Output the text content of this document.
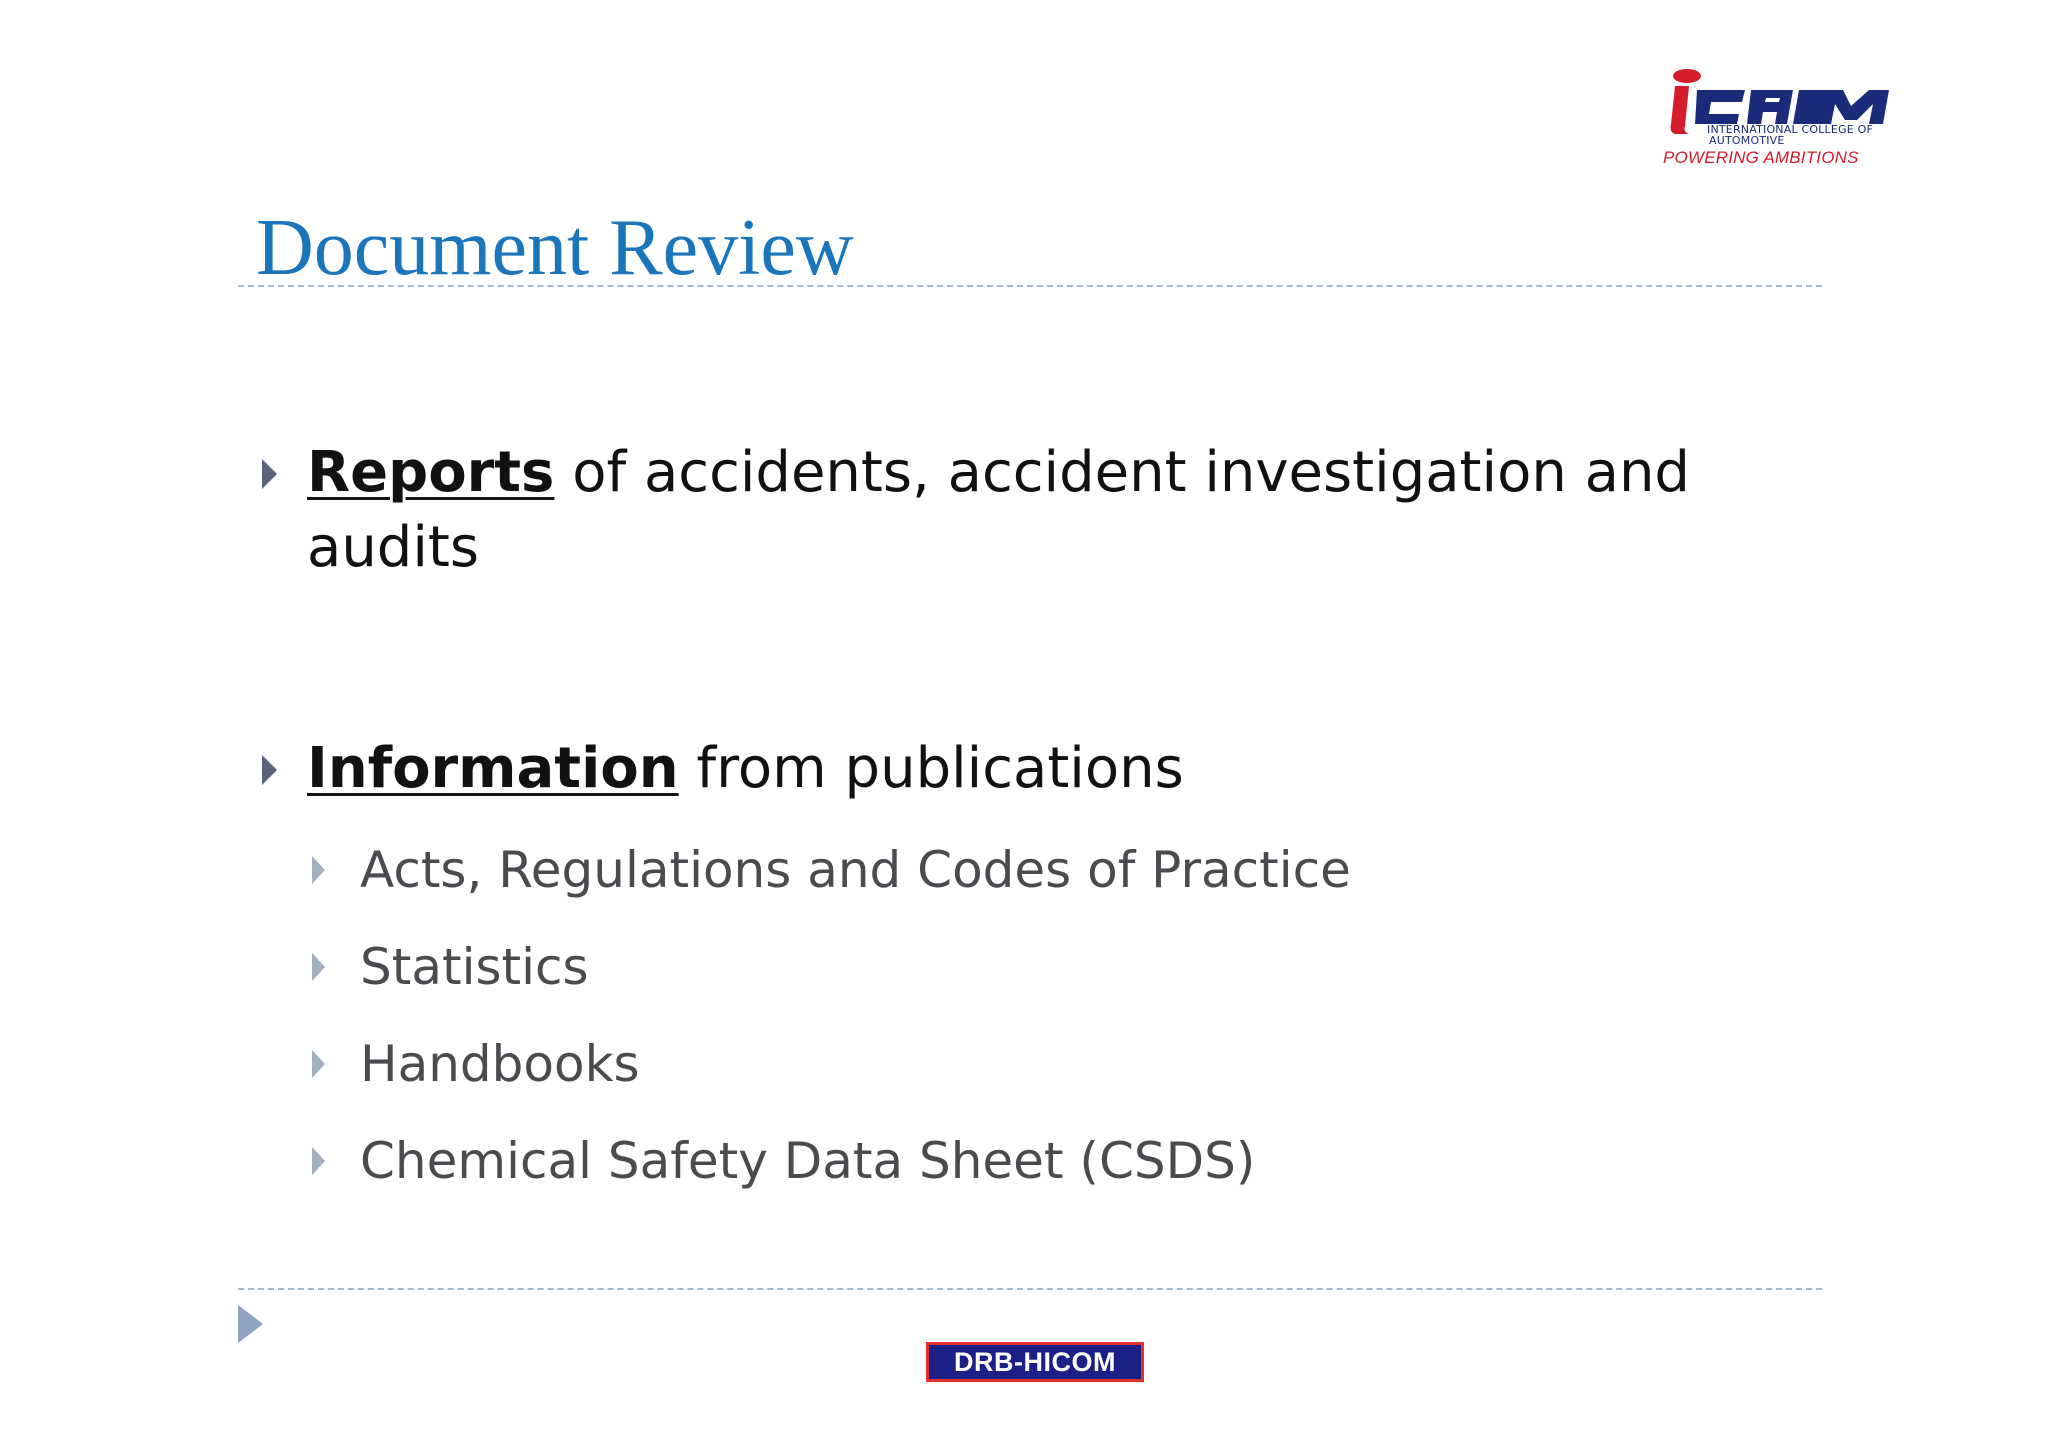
INTERNATIONAL COLLEGE OF
AUTOMOTIVE
POWERING AMBITIONS
Document Review
Reports of accidents, accident investigation and
audits
Information from publications
Acts, Regulations and Codes of Practice
Statistics
Handbooks
Chemical Safety Data Sheet (CSDS)
DRB-HICOM
